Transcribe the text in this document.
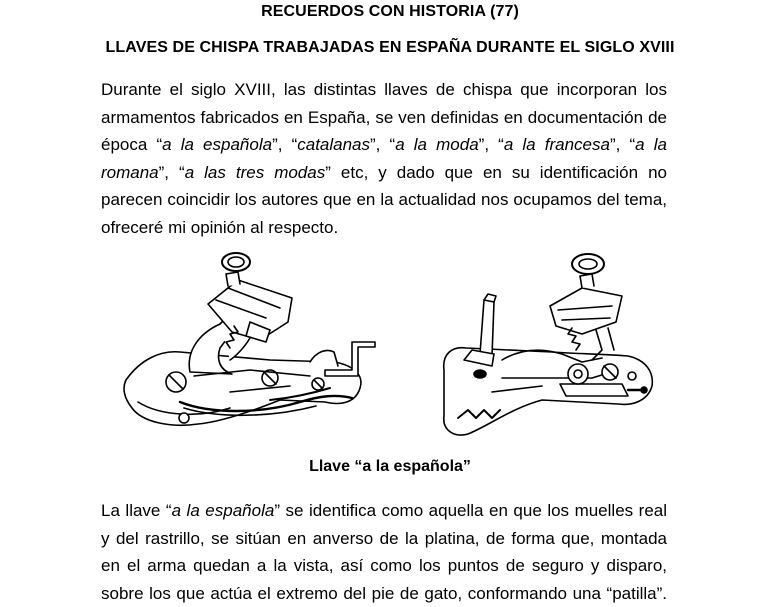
RECUERDOS CON HISTORIA (77)
LLAVES DE CHISPA TRABAJADAS EN ESPAÑA DURANTE EL SIGLO XVIII
Durante el siglo XVIII, las distintas llaves de chispa que incorporan los
armamentos fabricados en España, se ven definidas en documentación de
época “a la española”, “catalanas”, “a la moda”, “a la francesa”, “a la
romana”, “a las tres modas” etc, y dado que en su identificación no
parecen coincidir los autores que en la actualidad nos ocupamos del tema,
ofreceré mi opinión al respecto.
Llave “a la española”
La llave “a la española” se identifica como aquella en que los muelles real
y del rastrillo, se sitúan en anverso de la platina, de forma que, montada
en el arma quedan a la vista, así como los puntos de seguro y disparo,
sobre los que actúa el extremo del pie de gato, conformando una “patilla”.
